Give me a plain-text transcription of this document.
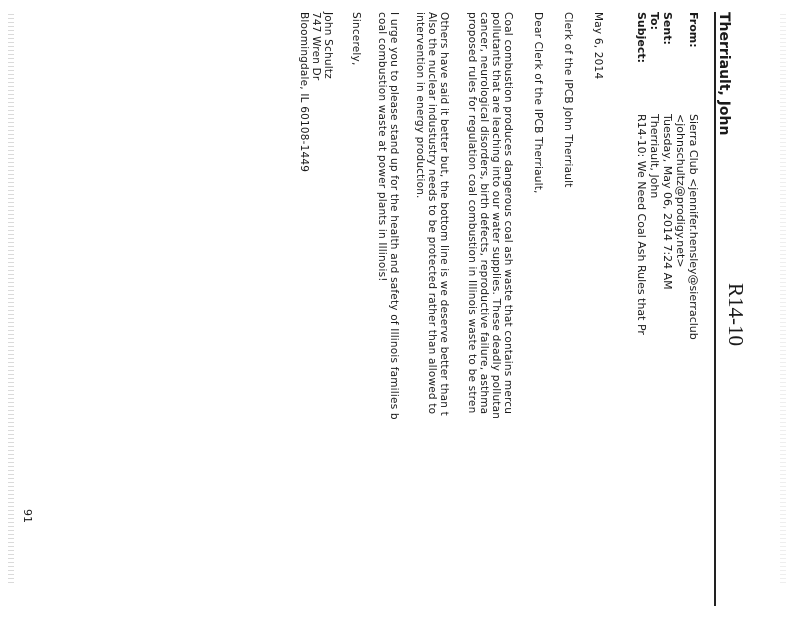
R14-10
Therriault, John
From:
Sierra Club <jennifer.hensley@sierraclub
<johnschultz@prodigy.net>
Sent:
Tuesday, May 06, 2014 7:24 AM
To:
Therriault, John
Subject:
R14-10: We Need Coal Ash Rules that Pr
May 6, 2014
Clerk of the IPCB John Therriault
Dear Clerk of the IPCB Therriault,
Coal combustion produces dangerous coal ash waste that contains mercu
pollutants that are leaching into our water supplies. These deadly pollutan
cancer, neurological disorders, birth defects, reproductive failure, asthma
proposed rules for regulation coal combustion in Illinois waste to be stren
Others have said it better but, the bottom line is we deserve better than t
Also the nuclear industustry needs to be protected rather than allowed to
intervention in energy production.
I urge you to please stand up for the health and safety of Illinois families b
coal combustion waste at power plants in Illinois!
Sincerely,
John Schultz
747 Wren Dr
Bloomingdale, IL 60108-1449
91
